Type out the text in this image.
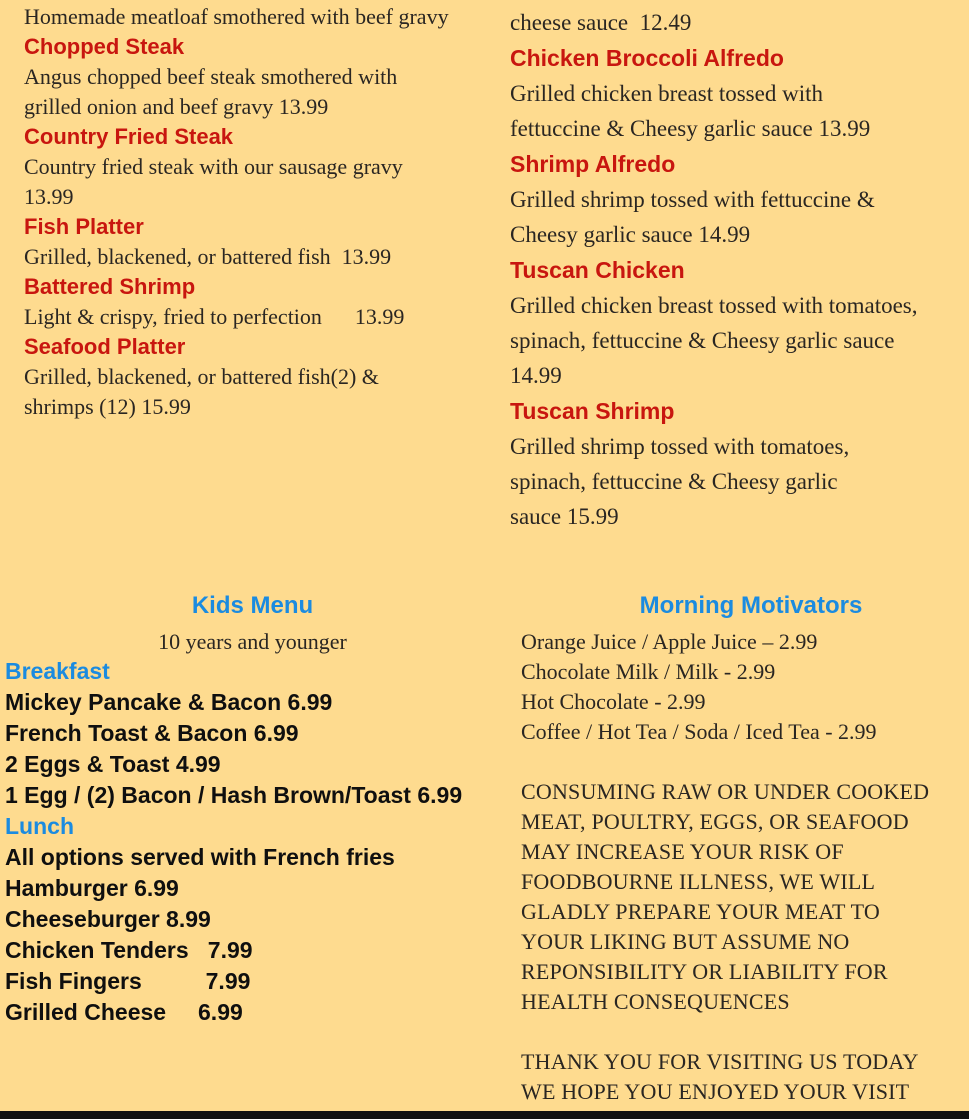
Homemade meatloaf smothered with beef gravy
Chopped Steak
Angus chopped beef steak smothered with grilled onion and beef gravy 13.99
Country Fried Steak
Country fried steak with our sausage gravy 13.99
Fish Platter
Grilled, blackened, or battered fish  13.99
Battered Shrimp
Light & crispy, fried to perfection      13.99
Seafood Platter
Grilled, blackened, or battered fish(2) & shrimps (12) 15.99
cheese sauce  12.49
Chicken Broccoli Alfredo
Grilled chicken breast tossed with fettuccine & Cheesy garlic sauce 13.99
Shrimp Alfredo
Grilled shrimp tossed with fettuccine & Cheesy garlic sauce 14.99
Tuscan Chicken
Grilled chicken breast tossed with tomatoes, spinach, fettuccine & Cheesy garlic sauce 14.99
Tuscan Shrimp
Grilled shrimp tossed with tomatoes, spinach, fettuccine & Cheesy garlic sauce 15.99
Kids Menu
10 years and younger
Breakfast
Mickey Pancake & Bacon 6.99
French Toast & Bacon 6.99
2 Eggs & Toast 4.99
1 Egg / (2) Bacon / Hash Brown/Toast 6.99
Lunch
All options served with French fries
Hamburger 6.99
Cheeseburger 8.99
Chicken Tenders   7.99
Fish Fingers          7.99
Grilled Cheese     6.99
Morning Motivators
Orange Juice / Apple Juice – 2.99
Chocolate Milk / Milk - 2.99
Hot Chocolate - 2.99
Coffee / Hot Tea / Soda / Iced Tea - 2.99
CONSUMING RAW OR UNDER COOKED
MEAT, POULTRY, EGGS, OR SEAFOOD
MAY INCREASE YOUR RISK OF
FOODBOURNE ILLNESS, WE WILL
GLADLY PREPARE YOUR MEAT TO
YOUR LIKING BUT ASSUME NO
REPONSIBILITY OR LIABILITY FOR
HEALTH CONSEQUENCES
THANK YOU FOR VISITING US TODAY
WE HOPE YOU ENJOYED YOUR VISIT
